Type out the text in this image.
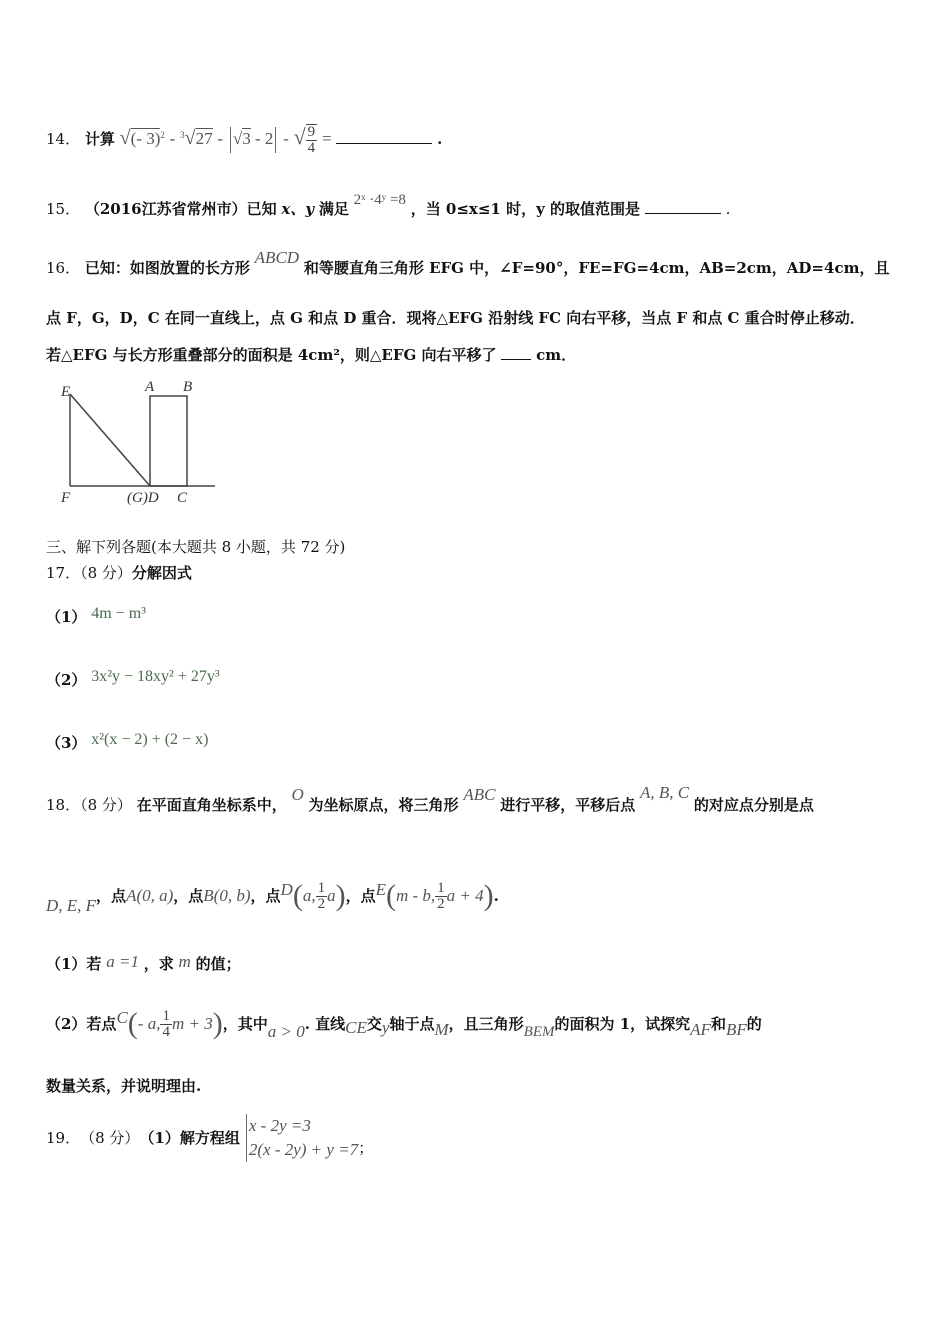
14． 计算 √(- 3)$^2$ - $^3$√27 - √3 - 2 - √ $\frac{9}{4}$ =	.
15． （2016江苏省常州市）已知 x、y 满足 2ˣ ·4ʸ =8 ，当 0≤x≤1 时，y 的取值范围是	.
16． 已知：如图放置的长方形 ABCD 和等腰直角三角形 EFG 中，∠F=90°，FE=FG=4cm，AB=2cm，AD=4cm，且
点 F，G，D，C 在同一直线上，点 G 和点 D 重合．现将△EFG 沿射线 FC 向右平移，当点 F 和点 C 重合时停止移动．
若△EFG 与长方形重叠部分的面积是 4cm²，则△EFG 向右平移了	cm．
E	A B
F	(G)D C
三、解下列各题(本大题共 8 小题，共 72 分)
17．（8 分）分解因式
（1） 4m − m³
（2） 3x²y − 18xy² + 27y³
（3） x²(x − 2) + (2 − x)
18．（8 分） 在平面直角坐标系中， O 为坐标原点，将三角形 ABC 进行平移，平移后点 A, B, C 的对应点分别是点
D, E, F ，点 A(0, a) ，点 B(0, b) ，点 D ( a, $\frac{1}{2}$ a ) ，点 E ( m - b, $\frac{1}{2}$ a + 4 ) .
（1）若 a =1 ，求 m 的值；
（2）若点 C ( - a, $\frac{1}{4}$ m + 3 ) ，其中 a > 0 . 直线 CE 交 y 轴于点 M ，且三角形 BEM 的面积为 1，试探究 AF 和 BF 的
数量关系，并说明理由.
19． （8 分） （1）解方程组
x - 2y =3
2(x - 2y) + y =7 ；
